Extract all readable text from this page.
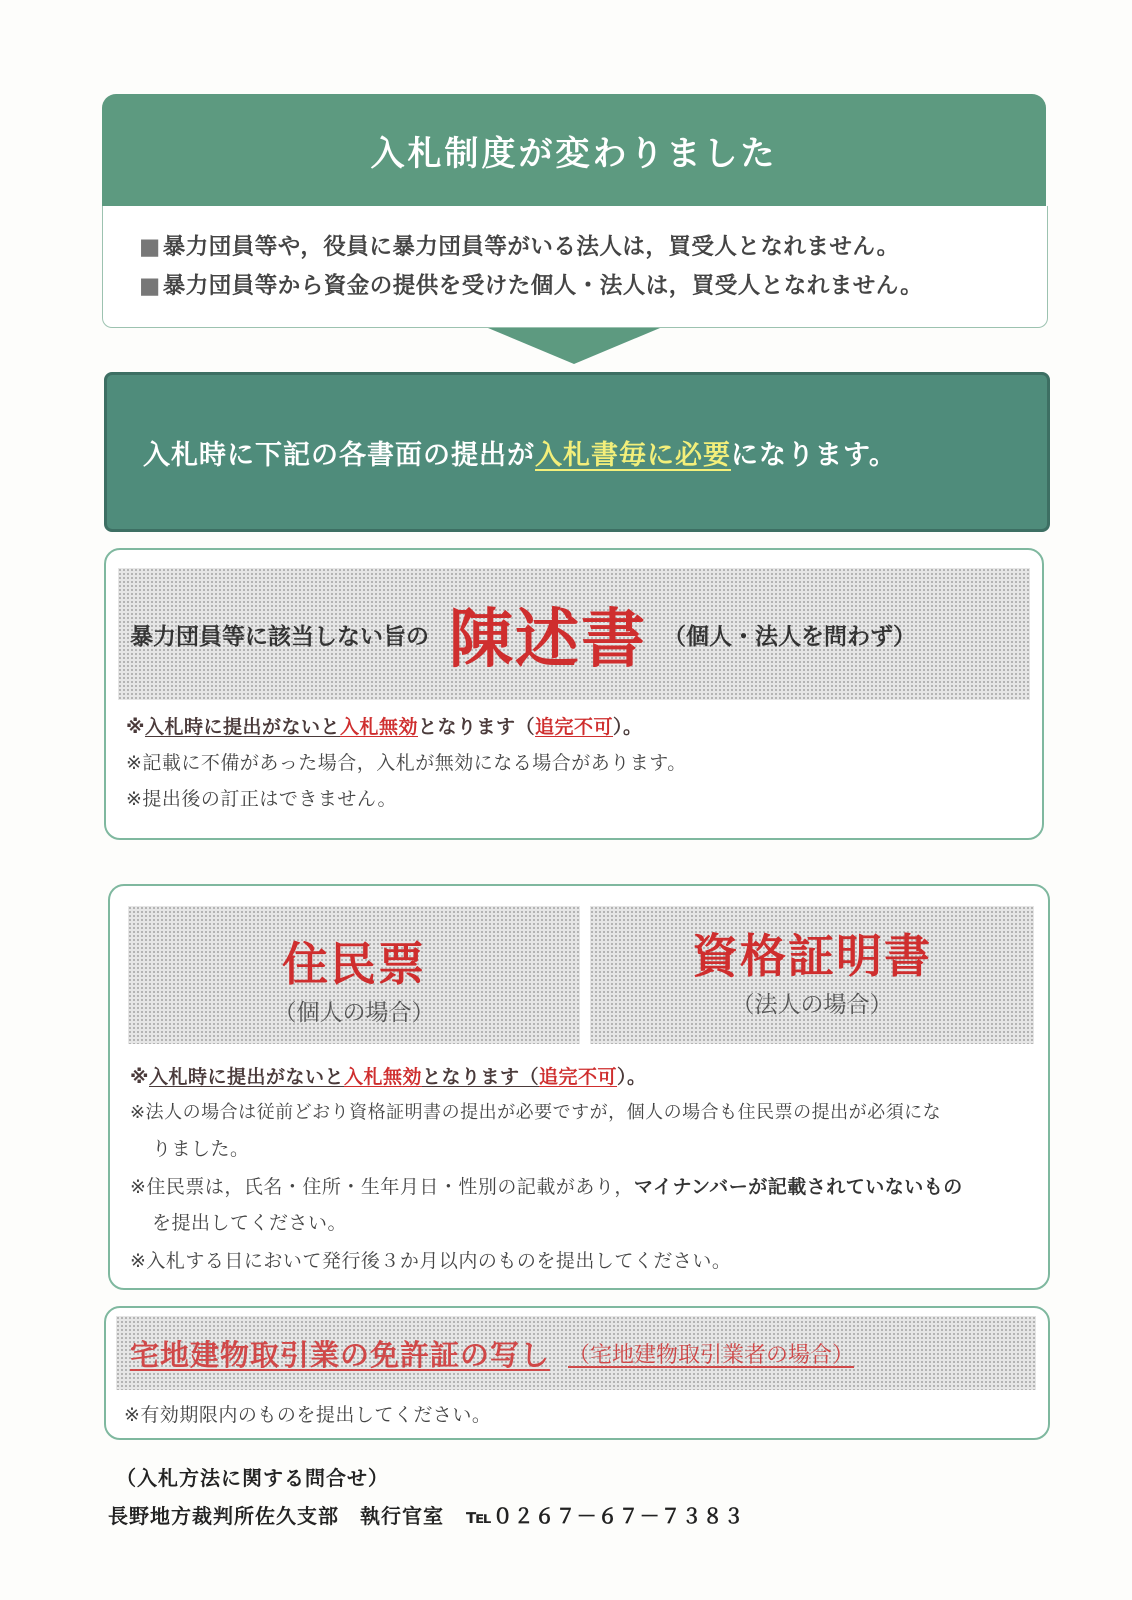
入札制度が変わりました
■暴力団員等や，役員に暴力団員等がいる法人は，買受人となれません。
■暴力団員等から資金の提供を受けた個人・法人は，買受人となれません。
入札時に下記の各書面の提出が入札書毎に必要になります。
暴力団員等に該当しない旨の 陳述書 （個人・法人を問わず）
※入札時に提出がないと入札無効となります（追完不可）。
※記載に不備があった場合，入札が無効になる場合があります。
※提出後の訂正はできません。
住民票
（個人の場合）
資格証明書
（法人の場合）
※入札時に提出がないと入札無効となります（追完不可）。
※法人の場合は従前どおり資格証明書の提出が必要ですが，個人の場合も住民票の提出が必須にな
りました。
※住民票は，氏名・住所・生年月日・性別の記載があり，マイナンバーが記載されていないもの
を提出してください。
※入札する日において発行後３か月以内のものを提出してください。
宅地建物取引業の免許証の写し （宅地建物取引業者の場合）
※有効期限内のものを提出してください。
（入札方法に関する問合せ）
長野地方裁判所佐久支部　執行官室 ℡０２６７－６７－７３８３
